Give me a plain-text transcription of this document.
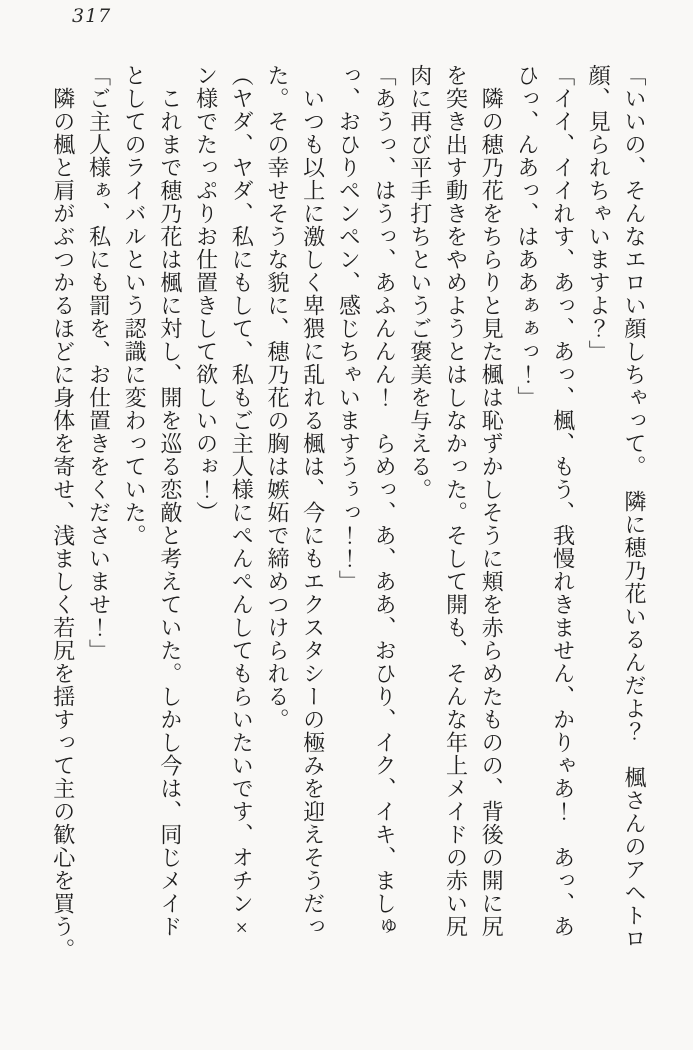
317

「いいの、そんなエロい顔しちゃって。　隣に穂乃花いるんだよ？　楓さんのアヘトロ

顔、見られちゃいますよ？」

「イイ、イイれす、あっ、あっ、楓、もう、我慢れきません、かりゃあ！　あっ、あ

ひっ、んあっ、はああぁぁっ！」

　隣の穂乃花をちらりと見た楓は恥ずかしそうに頬を赤らめたものの、背後の開に尻

を突き出す動きをやめようとはしなかった。そして開も、そんな年上メイドの赤い尻

肉に再び平手打ちというご褒美を与える。

「あうっ、はうっ、あふんんん！　らめっ、あ、ああ、おひり、イク、イキ、ましゅ

っ、おひりペンペン、感じちゃいますうぅっ！！」

　いつも以上に激しく卑猥に乱れる楓は、今にもエクスタシーの極みを迎えそうだっ

た。その幸せそうな貌に、穂乃花の胸は嫉妬で締めつけられる。

（ヤダ、ヤダ、私にもして、私もご主人様にぺんぺんしてもらいたいです、オチン×

ン様でたっぷりお仕置きして欲しいのぉ！）

　これまで穂乃花は楓に対し、開を巡る恋敵と考えていた。しかし今は、同じメイド

としてのライバルという認識に変わっていた。

「ご主人様ぁ、私にも罰を、お仕置きをくださいませ！」

　隣の楓と肩がぶつかるほどに身体を寄せ、浅ましく若尻を揺すって主の歓心を買う。
